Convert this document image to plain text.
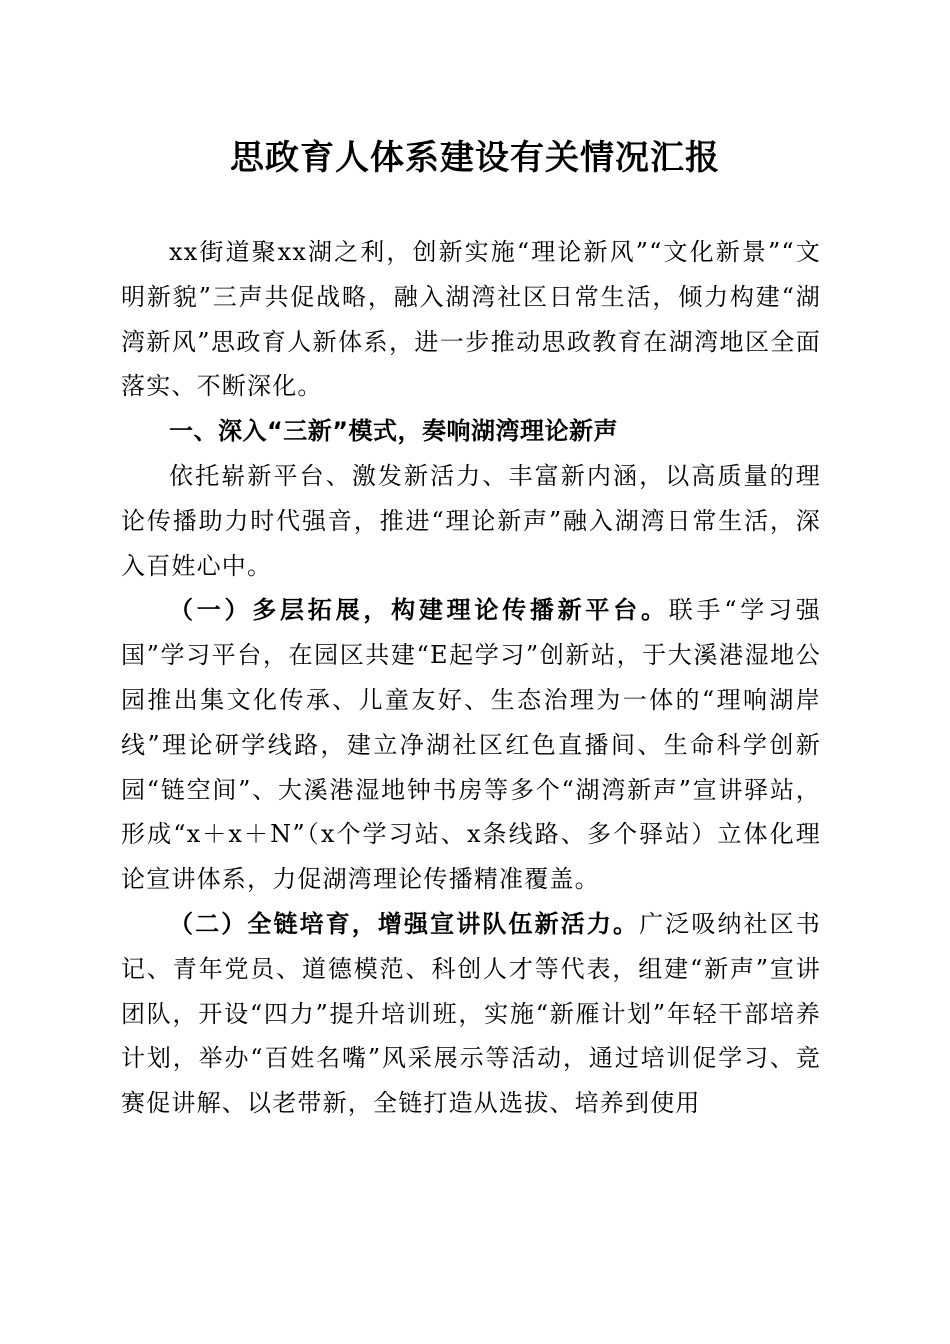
思政育人体系建设有关情况汇报

xx街道聚xx湖之利，创新实施“理论新风”“文化新景”“文明新貌”三声共促战略，融入湖湾社区日常生活，倾力构建“湖湾新风”思政育人新体系，进一步推动思政教育在湖湾地区全面落实、不断深化。

一、深入“三新”模式，奏响湖湾理论新声

依托崭新平台、激发新活力、丰富新内涵，以高质量的理论传播助力时代强音，推进“理论新声”融入湖湾日常生活，深入百姓心中。

（一）多层拓展，构建理论传播新平台。联手“学习强国”学习平台，在园区共建“E起学习”创新站，于大溪港湿地公园推出集文化传承、儿童友好、生态治理为一体的“理响湖岸线”理论研学线路，建立净湖社区红色直播间、生命科学创新园“链空间”、大溪港湿地钟书房等多个“湖湾新声”宣讲驿站，形成“x＋x＋N”（x个学习站、x条线路、多个驿站）立体化理论宣讲体系，力促湖湾理论传播精准覆盖。

（二）全链培育，增强宣讲队伍新活力。广泛吸纳社区书记、青年党员、道德模范、科创人才等代表，组建“新声”宣讲团队，开设“四力”提升培训班，实施“新雁计划”年轻干部培养计划，举办“百姓名嘴”风采展示等活动，通过培训促学习、竞赛促讲解、以老带新，全链打造从选拔、培养到使用
